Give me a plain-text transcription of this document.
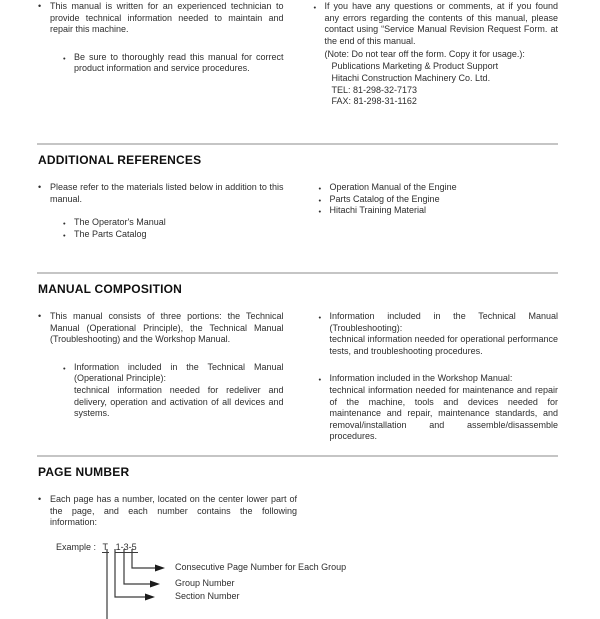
• This manual is written for an experienced technician to provide technical information needed to maintain and repair this machine.
• Be sure to thoroughly read this manual for correct product information and service procedures.
• If you have any questions or comments, at if you found any errors regarding the contents of this manual, please contact using “Service Manual Revision Request Form. at the end of this manual.
(Note: Do not tear off the form. Copy it for usage.):
Publications Marketing & Product Support
Hitachi Construction Machinery Co. Ltd.
TEL: 81-298-32-7173
FAX: 81-298-31-1162
ADDITIONAL REFERENCES
• Please refer to the materials listed below in addition to this manual.
• The Operator's Manual
• The Parts Catalog
• Operation Manual of the Engine
• Parts Catalog of the Engine
• Hitachi Training Material
MANUAL COMPOSITION
• This manual consists of three portions: the Technical Manual (Operational Principle), the Technical Manual (Troubleshooting) and the Workshop Manual.
• Information included in the Technical Manual (Operational Principle):
technical information needed for redeliver and delivery, operation and activation of all devices and systems.
• Information included in the Technical Manual (Troubleshooting):
technical information needed for operational performance tests, and troubleshooting procedures.
• Information included in the Workshop Manual:
technical information needed for maintenance and repair of the machine, tools and devices needed for maintenance and repair, maintenance standards, and removal/installation and assemble/disassemble procedures.
PAGE NUMBER
• Each page has a number, located on the center lower part of the page, and each number contains the following information:
Example : T 1-3-5
Consecutive Page Number for Each Group
Group Number
Section Number
